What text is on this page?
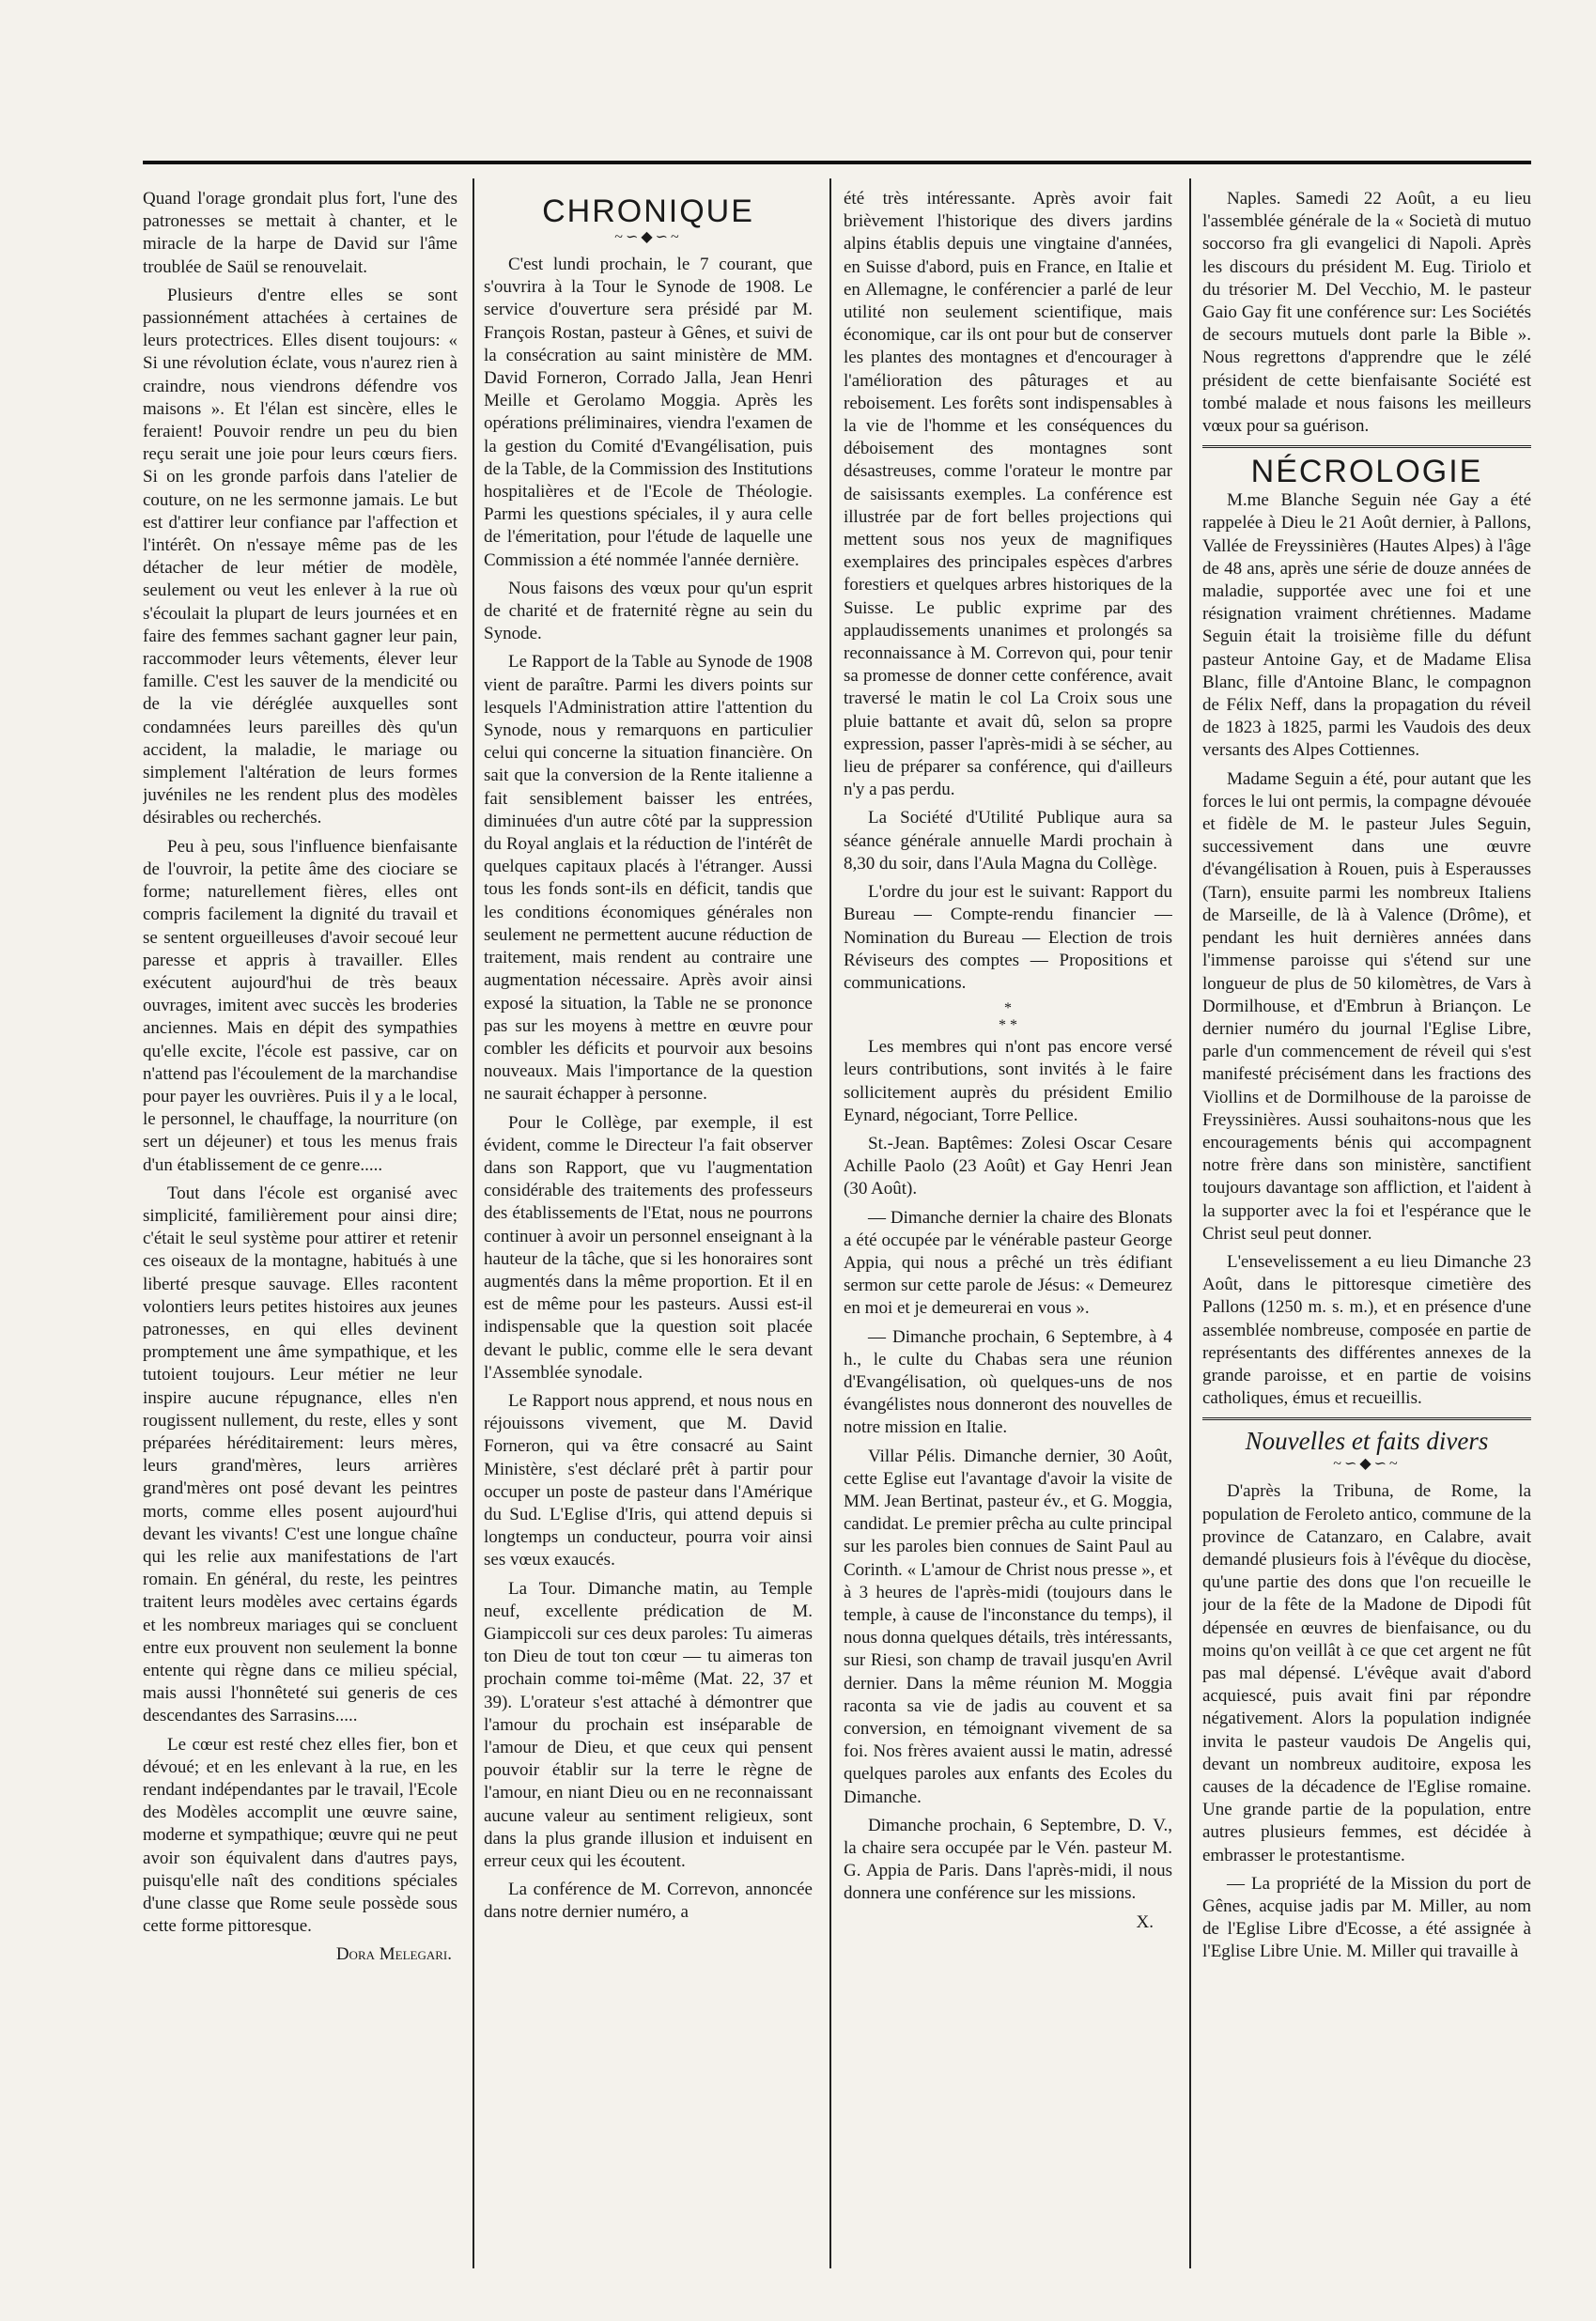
Quand l'orage grondait plus fort, l'une des patronesses se mettait à chanter, et le miracle de la harpe de David sur l'âme troublée de Saül se renouvelait.

Plusieurs d'entre elles se sont passionnément attachées à certaines de leurs protectrices. Elles disent toujours: « Si une révolution éclate, vous n'aurez rien à craindre, nous viendrons défendre vos maisons ». Et l'élan est sincère, elles le feraient! Pouvoir rendre un peu du bien reçu serait une joie pour leurs cœurs fiers. Si on les gronde parfois dans l'atelier de couture, on ne les sermonne jamais. Le but est d'attirer leur confiance par l'affection et l'intérêt. On n'essaye même pas de les détacher de leur métier de modèle, seulement ou veut les enlever à la rue où s'écoulait la plupart de leurs journées et en faire des femmes sachant gagner leur pain, raccommoder leurs vêtements, élever leur famille. C'est les sauver de la mendicité ou de la vie déréglée auxquelles sont condamnées leurs pareilles dès qu'un accident, la maladie, le mariage ou simplement l'altération de leurs formes juvéniles ne les rendent plus des modèles désirables ou recherchés.

Peu à peu, sous l'influence bienfaisante de l'ouvroir, la petite âme des ciociare se forme; naturellement fières, elles ont compris facilement la dignité du travail et se sentent orgueilleuses d'avoir secoué leur paresse et appris à travailler. Elles exécutent aujourd'hui de très beaux ouvrages, imitent avec succès les broderies anciennes. Mais en dépit des sympathies qu'elle excite, l'école est passive, car on n'attend pas l'écoulement de la marchandise pour payer les ouvrières. Puis il y a le local, le personnel, le chauffage, la nourriture (on sert un déjeuner) et tous les menus frais d'un établissement de ce genre.....

Tout dans l'école est organisé avec simplicité, familièrement pour ainsi dire; c'était le seul système pour attirer et retenir ces oiseaux de la montagne, habitués à une liberté presque sauvage. Elles racontent volontiers leurs petites histoires aux jeunes patronesses, en qui elles devinent promptement une âme sympathique, et les tutoient toujours. Leur métier ne leur inspire aucune répugnance, elles n'en rougissent nullement, du reste, elles y sont préparées héréditairement: leurs mères, leurs grand'mères, leurs arrières grand'mères ont posé devant les peintres morts, comme elles posent aujourd'hui devant les vivants! C'est une longue chaîne qui les relie aux manifestations de l'art romain. En général, du reste, les peintres traitent leurs modèles avec certains égards et les nombreux mariages qui se concluent entre eux prouvent non seulement la bonne entente qui règne dans ce milieu spécial, mais aussi l'honnêteté sui generis de ces descendantes des Sarrasins.....

Le cœur est resté chez elles fier, bon et dévoué; et en les enlevant à la rue, en les rendant indépendantes par le travail, l'Ecole des Modèles accomplit une œuvre saine, moderne et sympathique; œuvre qui ne peut avoir son équivalent dans d'autres pays, puisqu'elle naît des conditions spéciales d'une classe que Rome seule possède sous cette forme pittoresque.

Dora Melegari.
CHRONIQUE
~∽◆∽~

C'est lundi prochain, le 7 courant, que s'ouvrira à la Tour le Synode de 1908. Le service d'ouverture sera présidé par M. François Rostan, pasteur à Gênes, et suivi de la consécration au saint ministère de MM. David Forneron, Corrado Jalla, Jean Henri Meille et Gerolamo Moggia. Après les opérations préliminaires, viendra l'examen de la gestion du Comité d'Evangélisation, puis de la Table, de la Commission des Institutions hospitalières et de l'Ecole de Théologie. Parmi les questions spéciales, il y aura celle de l'émeritation, pour l'étude de laquelle une Commission a été nommée l'année dernière.

Nous faisons des vœux pour qu'un esprit de charité et de fraternité règne au sein du Synode.

Le Rapport de la Table au Synode de 1908 vient de paraître. Parmi les divers points sur lesquels l'Administration attire l'attention du Synode, nous y remarquons en particulier celui qui concerne la situation financière. On sait que la conversion de la Rente italienne a fait sensiblement baisser les entrées, diminuées d'un autre côté par la suppression du Royal anglais et la réduction de l'intérêt de quelques capitaux placés à l'étranger. Aussi tous les fonds sont-ils en déficit, tandis que les conditions économiques générales non seulement ne permettent aucune réduction de traitement, mais rendent au contraire une augmentation nécessaire. Après avoir ainsi exposé la situation, la Table ne se prononce pas sur les moyens à mettre en œuvre pour combler les déficits et pourvoir aux besoins nouveaux. Mais l'importance de la question ne saurait échapper à personne.

Pour le Collège, par exemple, il est évident, comme le Directeur l'a fait observer dans son Rapport, que vu l'augmentation considérable des traitements des professeurs des établissements de l'Etat, nous ne pourrons continuer à avoir un personnel enseignant à la hauteur de la tâche, que si les honoraires sont augmentés dans la même proportion. Et il en est de même pour les pasteurs. Aussi est-il indispensable que la question soit placée devant le public, comme elle le sera devant l'Assemblée synodale.

Le Rapport nous apprend, et nous nous en réjouissons vivement, que M. David Forneron, qui va être consacré au Saint Ministère, s'est déclaré prêt à partir pour occuper un poste de pasteur dans l'Amérique du Sud. L'Eglise d'Iris, qui attend depuis si longtemps un conducteur, pourra voir ainsi ses vœux exaucés.

La Tour. Dimanche matin, au Temple neuf, excellente prédication de M. Giampiccoli sur ces deux paroles: Tu aimeras ton Dieu de tout ton cœur — tu aimeras ton prochain comme toi-même (Mat. 22, 37 et 39). L'orateur s'est attaché à démontrer que l'amour du prochain est inséparable de l'amour de Dieu, et que ceux qui pensent pouvoir établir sur la terre le règne de l'amour, en niant Dieu ou en ne reconnaissant aucune valeur au sentiment religieux, sont dans la plus grande illusion et induisent en erreur ceux qui les écoutent.

La conférence de M. Correvon, annoncée dans notre dernier numéro, a

été très intéressante. Après avoir fait brièvement l'historique des divers jardins alpins établis depuis une vingtaine d'années, en Suisse d'abord, puis en France, en Italie et en Allemagne, le conférencier a parlé de leur utilité non seulement scientifique, mais économique, car ils ont pour but de conserver les plantes des montagnes et d'encourager à l'amélioration des pâturages et au reboisement. Les forêts sont indispensables à la vie de l'homme et les conséquences du déboisement des montagnes sont désastreuses, comme l'orateur le montre par de saisissants exemples. La conférence est illustrée par de fort belles projections qui mettent sous nos yeux de magnifiques exemplaires des principales espèces d'arbres forestiers et quelques arbres historiques de la Suisse. Le public exprime par des applaudissements unanimes et prolongés sa reconnaissance à M. Correvon qui, pour tenir sa promesse de donner cette conférence, avait traversé le matin le col La Croix sous une pluie battante et avait dû, selon sa propre expression, passer l'après-midi à se sécher, au lieu de préparer sa conférence, qui d'ailleurs n'y a pas perdu.

La Société d'Utilité Publique aura sa séance générale annuelle Mardi prochain à 8,30 du soir, dans l'Aula Magna du Collège.

L'ordre du jour est le suivant: Rapport du Bureau — Compte-rendu financier — Nomination du Bureau — Election de trois Réviseurs des comptes — Propositions et communications.

*
* *

Les membres qui n'ont pas encore versé leurs contributions, sont invités à le faire sollicitement auprès du président Emilio Eynard, négociant, Torre Pellice.

St.-Jean. Baptêmes: Zolesi Oscar Cesare Achille Paolo (23 Août) et Gay Henri Jean (30 Août).

— Dimanche dernier la chaire des Blonats a été occupée par le vénérable pasteur George Appia, qui nous a prêché un très édifiant sermon sur cette parole de Jésus: « Demeurez en moi et je demeurerai en vous ».

— Dimanche prochain, 6 Septembre, à 4 h., le culte du Chabas sera une réunion d'Evangélisation, où quelques-uns de nos évangélistes nous donneront des nouvelles de notre mission en Italie.

Villar Pélis. Dimanche dernier, 30 Août, cette Eglise eut l'avantage d'avoir la visite de MM. Jean Bertinat, pasteur év., et G. Moggia, candidat. Le premier prêcha au culte principal sur les paroles bien connues de Saint Paul au Corinth. « L'amour de Christ nous presse », et à 3 heures de l'après-midi (toujours dans le temple, à cause de l'inconstance du temps), il nous donna quelques détails, très intéressants, sur Riesi, son champ de travail jusqu'en Avril dernier. Dans la même réunion M. Moggia raconta sa vie de jadis au couvent et sa conversion, en témoignant vivement de sa foi. Nos frères avaient aussi le matin, adressé quelques paroles aux enfants des Ecoles du Dimanche.

Dimanche prochain, 6 Septembre, D. V., la chaire sera occupée par le Vén. pasteur M. G. Appia de Paris. Dans l'après-midi, il nous donnera une conférence sur les missions.

X.

Naples. Samedi 22 Août, a eu lieu l'assemblée générale de la « Società di mutuo soccorso fra gli evangelici di Napoli. Après les discours du président M. Eug. Tiriolo et du trésorier M. Del Vecchio, M. le pasteur Gaio Gay fit une conférence sur: Les Sociétés de secours mutuels dont parle la Bible ». Nous regrettons d'apprendre que le zélé président de cette bienfaisante Société est tombé malade et nous faisons les meilleurs vœux pour sa guérison.

NÉCROLOGIE

M.me Blanche Seguin née Gay a été rappelée à Dieu le 21 Août dernier, à Pallons, Vallée de Freyssinières (Hautes Alpes) à l'âge de 48 ans, après une série de douze années de maladie, supportée avec une foi et une résignation vraiment chrétiennes. Madame Seguin était la troisième fille du défunt pasteur Antoine Gay, et de Madame Elisa Blanc, fille d'Antoine Blanc, le compagnon de Félix Neff, dans la propagation du réveil de 1823 à 1825, parmi les Vaudois des deux versants des Alpes Cottiennes.

Madame Seguin a été, pour autant que les forces le lui ont permis, la compagne dévouée et fidèle de M. le pasteur Jules Seguin, successivement dans une œuvre d'évangélisation à Rouen, puis à Esperausses (Tarn), ensuite parmi les nombreux Italiens de Marseille, de là à Valence (Drôme), et pendant les huit dernières années dans l'immense paroisse qui s'étend sur une longueur de plus de 50 kilomètres, de Vars à Dormilhouse, et d'Embrun à Briançon. Le dernier numéro du journal l'Eglise Libre, parle d'un commencement de réveil qui s'est manifesté précisément dans les fractions des Viollins et de Dormilhouse de la paroisse de Freyssinières. Aussi souhaitons-nous que les encouragements bénis qui accompagnent notre frère dans son ministère, sanctifient toujours davantage son affliction, et l'aident à la supporter avec la foi et l'espérance que le Christ seul peut donner.

L'ensevelissement a eu lieu Dimanche 23 Août, dans le pittoresque cimetière des Pallons (1250 m. s. m.), et en présence d'une assemblée nombreuse, composée en partie de représentants des différentes annexes de la grande paroisse, et en partie de voisins catholiques, émus et recueillis.

Nouvelles et faits divers
~∽◆∽~

D'après la Tribuna, de Rome, la population de Feroleto antico, commune de la province de Catanzaro, en Calabre, avait demandé plusieurs fois à l'évêque du diocèse, qu'une partie des dons que l'on recueille le jour de la fête de la Madone de Dipodi fût dépensée en œuvres de bienfaisance, ou du moins qu'on veillât à ce que cet argent ne fût pas mal dépensé. L'évêque avait d'abord acquiescé, puis avait fini par répondre négativement. Alors la population indignée invita le pasteur vaudois De Angelis qui, devant un nombreux auditoire, exposa les causes de la décadence de l'Eglise romaine. Une grande partie de la population, entre autres plusieurs femmes, est décidée à embrasser le protestantisme.

— La propriété de la Mission du port de Gênes, acquise jadis par M. Miller, au nom de l'Eglise Libre d'Ecosse, a été assignée à l'Eglise Libre Unie. M. Miller qui travaille à
